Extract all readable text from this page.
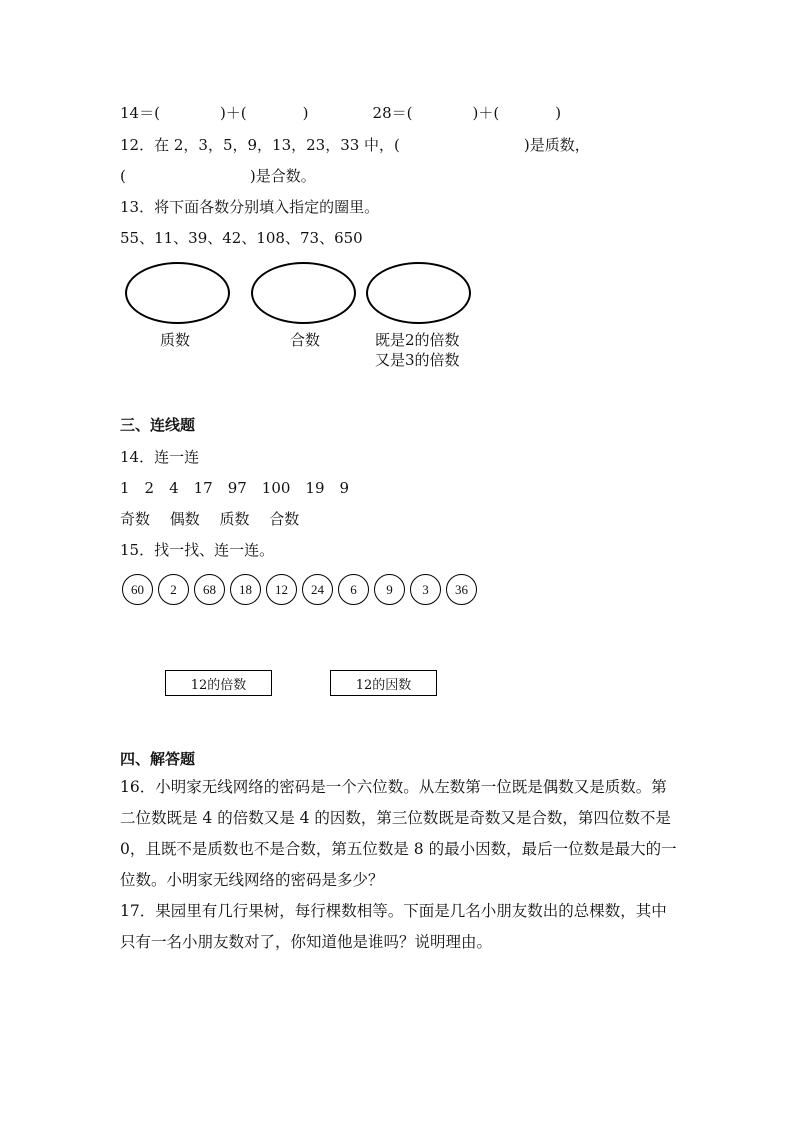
14＝(	)＋(	)	28＝(	)＋(	)
12．在 2，3，5，9，13，23，33 中，(	)是质数，
(	)是合数。
13．将下面各数分别填入指定的圈里。
55、11、39、42、108、73、650
质数	合数	既是2的倍数
又是3的倍数
三、连线题
14．连一连
1　2　4　17　97　100　19　9
奇数　 偶数　 质数　 合数
15．找一找、连一连。
60	2	68	18	12	24	6	9	3	36
12的倍数	12的因数
四、解答题
16．小明家无线网络的密码是一个六位数。从左数第一位既是偶数又是质数。第二位数既是 4 的倍数又是 4 的因数，第三位数既是奇数又是合数，第四位数不是 0，且既不是质数也不是合数，第五位数是 8 的最小因数，最后一位数是最大的一位数。小明家无线网络的密码是多少？
17．果园里有几行果树，每行棵数相等。下面是几名小朋友数出的总棵数，其中只有一名小朋友数对了，你知道他是谁吗？说明理由。
